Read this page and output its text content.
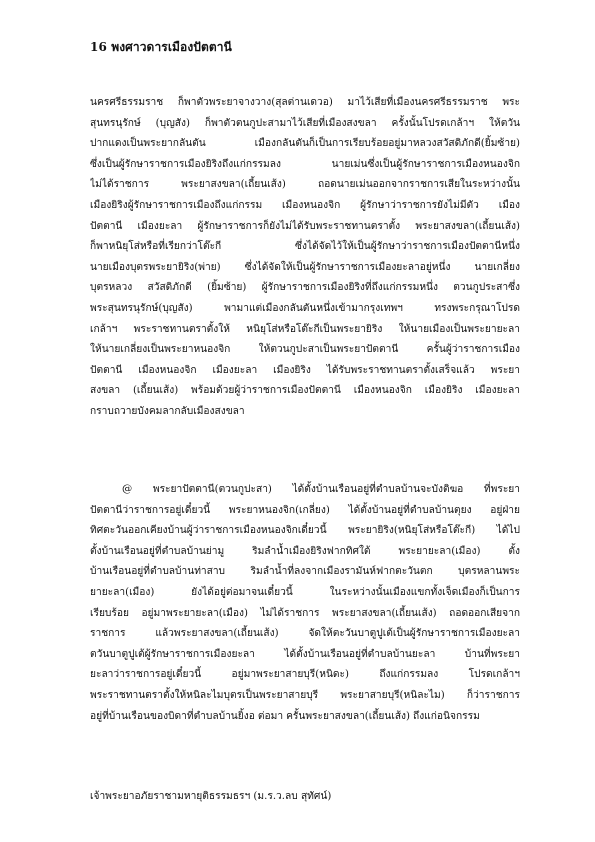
16 พงศาวดารเมืองปัตตานี
นครศรีธรรมราช ก็พาตัวพระยาจางวาง(สุลต่านเดวอ) มาไว้เสียที่เมืองนครศรีธรรมราช พระ
สุนทรนุรักษ์ (บุญสัง) ก็พาตัวตนกูปะสามาไว้เสียที่เมืองสงขลา ครั้งนั้นโปรดเกล้าฯ ให้ตวัน
ปากแดงเป็นพระยากลันตัน เมืองกลันตันก็เป็นการเรียบร้อยอยู่มาหลวงสวัสดิภักดี(ยิ้มซ้าย)
ซึ่งเป็นผู้รักษาราชการเมืองยิริงถึงแก่กรรมลง นายเม่นซึ่งเป็นผู้รักษาราชการเมืองหนองจิก
ไม่ได้ราชการ พระยาสงขลา(เถี้ยนเส้ง) ถอดนายเม่นออกจากราชการเสียในระหว่างนั้น
เมืองยิริงผู้รักษาราชการเมืองถึงแก่กรรม เมืองหนองจิก ผู้รักษาว่าราชการยังไม่มีตัว เมือง
ปัตตานี เมืองยะลา ผู้รักษาราชการก็ยังไม่ได้รับพระราชทานตราตั้ง พระยาสงขลา(เถี้ยนเส้ง)
ก็พาหนิยุโส่หรือที่เรียกว่าโต๊ะกี ซึ่งได้จัดไว้ให้เป็นผู้รักษาว่าราชการเมืองปัตตานีหนึ่ง
นายเมืองบุตรพระยายิริง(พ่าย) ซึ่งได้จัดให้เป็นผู้รักษาราชการเมืองยะลาอยู่หนึ่ง นายเกลี่ยง
บุตรหลวง สวัสดิภักดี (ยิ้มซ้าย) ผู้รักษาราชการเมืองยิริงที่ถึงแก่กรรมหนึ่ง ตวนกูประสาซึ่ง
พระสุนทรนุรักษ์(บุญสัง) พามาแต่เมืองกลันตันหนึ่งเข้ามากรุงเทพฯ ทรงพระกรุณาโปรด
เกล้าฯ พระราชทานตราตั้งให้ หนิยุโส่หรือโต๊ะกีเป็นพระยายิริง ให้นายเมืองเป็นพระยายะลา
ให้นายเกลี่ยงเป็นพระยาหนองจิก ให้ตวนกูปะสาเป็นพระยาปัตตานี ครั้นผู้ว่าราชการเมือง
ปัตตานี เมืองหนองจิก เมืองยะลา เมืองยิริง ได้รับพระราชทานตราตั้งเสร็จแล้ว พระยา
สงขลา (เถี้ยนเส้ง) พร้อมด้วยผู้ว่าราชการเมืองปัตตานี เมืองหนองจิก เมืองยิริง เมืองยะลา
กราบถวายบังคมลากลับเมืองสงขลา
@ พระยาปัตตานี(ตวนกูปะสา) ได้ตั้งบ้านเรือนอยู่ที่ตำบลบ้านจะบังติฆอ ที่พระยา
ปัตตานีว่าราชการอยู่เดี๋ยวนี้ พระยาหนองจิก(เกลี่ยง) ได้ตั้งบ้านอยู่ที่ตำบลบ้านตุยง อยู่ฝ่าย
ทิศตะวันออกเคียงบ้านผู้ว่าราชการเมืองหนองจิกเดี๋ยวนี้ พระยายิริง(หนิยุโส่หรือโต๊ะกี) ได้ไป
ตั้งบ้านเรือนอยู่ที่ตำบลบ้านย่ามู ริมลำน้ำเมืองยิริงฟากทิศใต้ พระยายะลา(เมือง) ตั้ง
บ้านเรือนอยู่ที่ตำบลบ้านท่าสาบ ริมลำน้ำที่ลงจากเมืองรามันห์ฟากตะวันตก บุตรหลานพระ
ยายะลา(เมือง) ยังได้อยู่ต่อมาจนเดี๋ยวนี้ ในระหว่างนั้นเมืองแขกทั้งเจ็ดเมืองก็เป็นการ
เรียบร้อย อยู่มาพระยายะลา(เมือง) ไม่ได้ราชการ พระยาสงขลา(เถี้ยนเส้ง) ถอดออกเสียจาก
ราชการ แล้วพระยาสงขลา(เถี้ยนเส้ง) จัดให้ตะวันบาตูปูเต้เป็นผู้รักษาราชการเมืองยะลา
ตวันบาตูปูเต้ผู้รักษาราชการเมืองยะลา ได้ตั้งบ้านเรือนอยู่ที่ตำบลบ้านยะลา บ้านที่พระยา
ยะลาว่าราชการอยู่เดี๋ยวนี้ อยู่มาพระยาสายบุรี(หนิดะ) ถึงแก่กรรมลง โปรดเกล้าฯ
พระราชทานตราตั้งให้หนิละไมบุตรเป็นพระยาสายบุรี พระยาสายบุรี(หนิละไม) ก็ว่าราชการ
อยู่ที่บ้านเรือนของบิดาที่ตำบลบ้านยิ้งอ ต่อมา ครั้นพระยาสงขลา(เถี้ยนเส้ง) ถึงแก่อนิจกรรม
เจ้าพระยาอภัยราชามหายุติธรรมธรฯ (ม.ร.ว.ลบ สุทัศน์)
